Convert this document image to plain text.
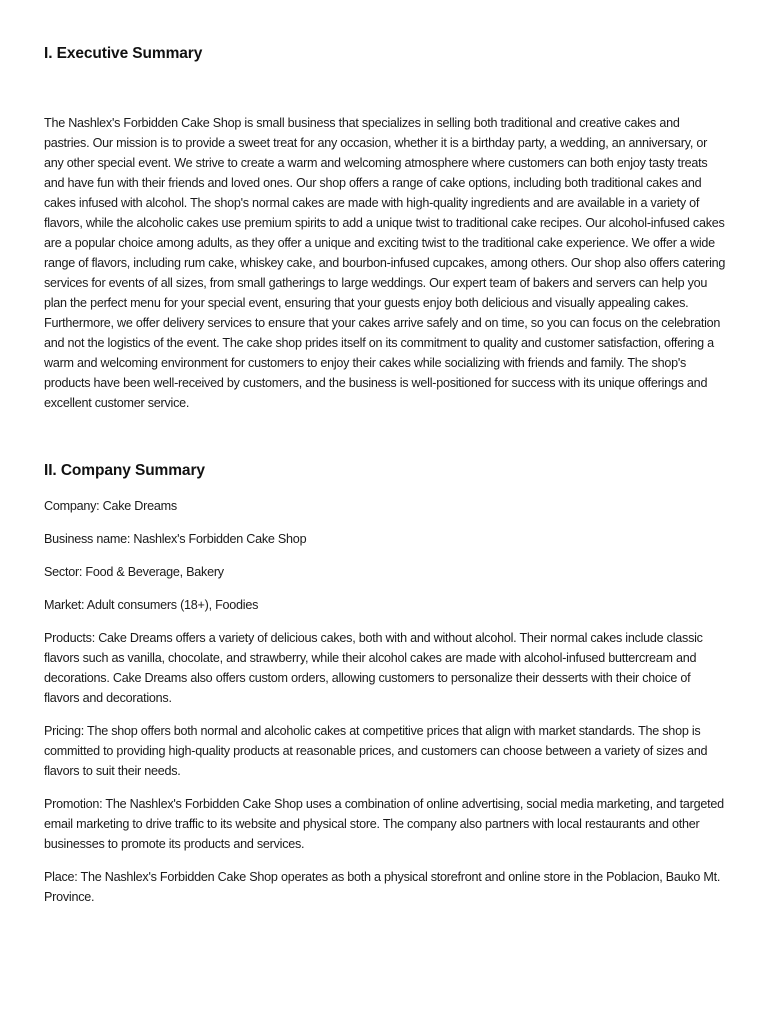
I. Executive Summary

The Nashlex's Forbidden Cake Shop is small business that specializes in selling both traditional and creative cakes and pastries. Our mission is to provide a sweet treat for any occasion, whether it is a birthday party, a wedding, an anniversary, or any other special event. We strive to create a warm and welcoming atmosphere where customers can both enjoy tasty treats and have fun with their friends and loved ones. Our shop offers a range of cake options, including both traditional cakes and cakes infused with alcohol. The shop's normal cakes are made with high-quality ingredients and are available in a variety of flavors, while the alcoholic cakes use premium spirits to add a unique twist to traditional cake recipes. Our alcohol-infused cakes are a popular choice among adults, as they offer a unique and exciting twist to the traditional cake experience. We offer a wide range of flavors, including rum cake, whiskey cake, and bourbon-infused cupcakes, among others. Our shop also offers catering services for events of all sizes, from small gatherings to large weddings. Our expert team of bakers and servers can help you plan the perfect menu for your special event, ensuring that your guests enjoy both delicious and visually appealing cakes. Furthermore, we offer delivery services to ensure that your cakes arrive safely and on time, so you can focus on the celebration and not the logistics of the event. The cake shop prides itself on its commitment to quality and customer satisfaction, offering a warm and welcoming environment for customers to enjoy their cakes while socializing with friends and family. The shop's products have been well-received by customers, and the business is well-positioned for success with its unique offerings and excellent customer service.

II. Company Summary

Company: Cake Dreams

Business name: Nashlex's Forbidden Cake Shop

Sector: Food & Beverage, Bakery

Market: Adult consumers (18+), Foodies

Products: Cake Dreams offers a variety of delicious cakes, both with and without alcohol. Their normal cakes include classic flavors such as vanilla, chocolate, and strawberry, while their alcohol cakes are made with alcohol-infused buttercream and decorations. Cake Dreams also offers custom orders, allowing customers to personalize their desserts with their choice of flavors and decorations.

Pricing: The shop offers both normal and alcoholic cakes at competitive prices that align with market standards. The shop is committed to providing high-quality products at reasonable prices, and customers can choose between a variety of sizes and flavors to suit their needs.

Promotion: The Nashlex's Forbidden Cake Shop uses a combination of online advertising, social media marketing, and targeted email marketing to drive traffic to its website and physical store. The company also partners with local restaurants and other businesses to promote its products and services.

Place: The Nashlex's Forbidden Cake Shop operates as both a physical storefront and online store in the Poblacion, Bauko Mt. Province.
